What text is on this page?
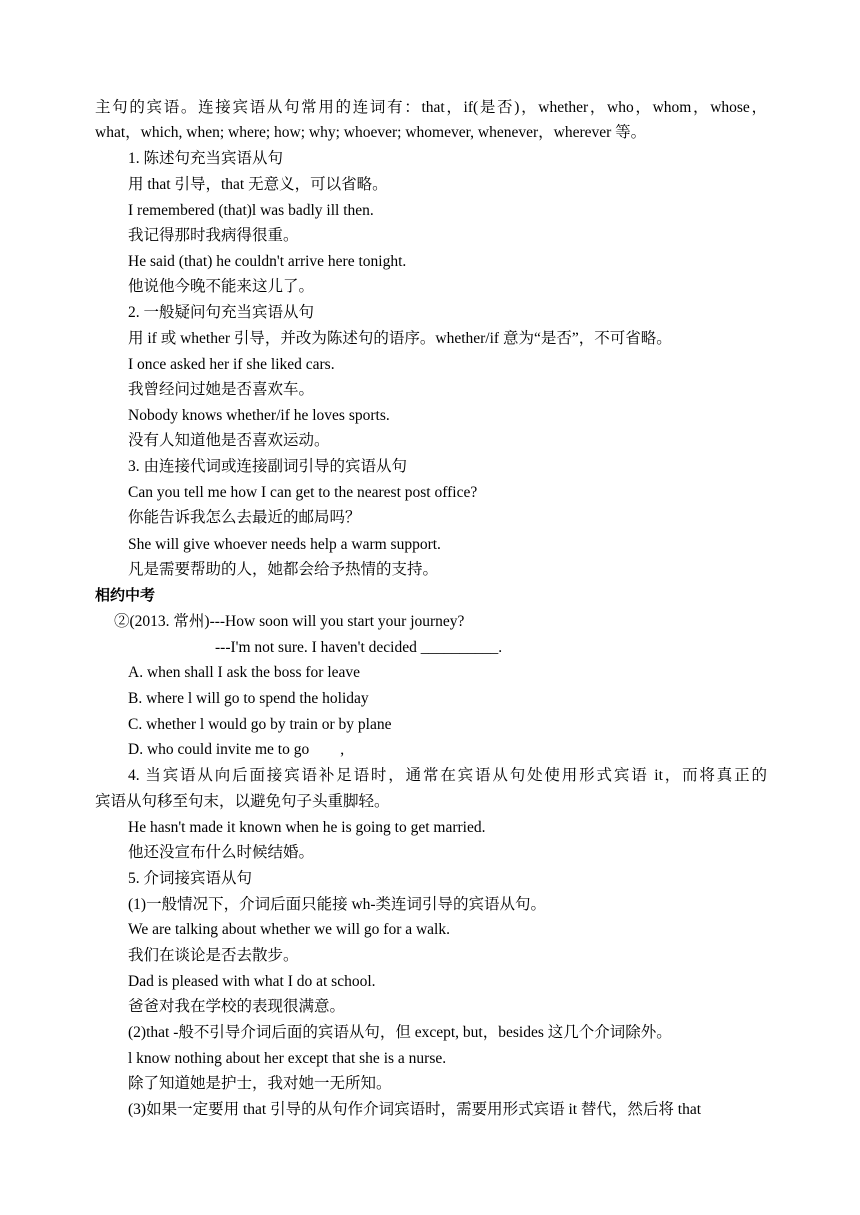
主句的宾语。连接宾语从句常用的连词有：that，if(是否)，whether，who，whom，whose，
what，which, when; where; how; why; whoever; whomever, whenever，wherever 等。
1. 陈述句充当宾语从句
用 that 引导，that 无意义，可以省略。
I remembered (that)l was badly ill then.
我记得那时我病得很重。
He said (that) he couldn't arrive here tonight.
他说他今晚不能来这儿了。
2. 一般疑问句充当宾语从句
用 if 或 whether 引导，并改为陈述句的语序。whether/if 意为“是否”，不可省略。
I once asked her if she liked cars.
我曾经问过她是否喜欢车。
Nobody knows whether/if he loves sports.
没有人知道他是否喜欢运动。
3. 由连接代词或连接副词引导的宾语从句
Can you tell me how I can get to the nearest post office?
你能告诉我怎么去最近的邮局吗？
She will give whoever needs help a warm support.
凡是需要帮助的人，她都会给予热情的支持。
相约中考
②(2013. 常州)---How soon will you start your journey?
---I'm not sure. I haven't decided __________.
A. when shall I ask the boss for leave
B. where l will go to spend the holiday
C. whether l would go by train or by plane
D. who could invite me to go　　,
4. 当宾语从向后面接宾语补足语时，通常在宾语从句处使用形式宾语 it，而将真正的
宾语从句移至句末，以避免句子头重脚轻。
He hasn't made it known when he is going to get married.
他还没宣布什么时候结婚。
5. 介词接宾语从句
(1)一般情况下，介词后面只能接 wh-类连词引导的宾语从句。
We are talking about whether we will go for a walk.
我们在谈论是否去散步。
Dad is pleased with what I do at school.
爸爸对我在学校的表现很满意。
(2)that -般不引导介词后面的宾语从句，但 except, but，besides 这几个介词除外。
l know nothing about her except that she is a nurse.
除了知道她是护士，我对她一无所知。
(3)如果一定要用 that 引导的从句作介词宾语时，需要用形式宾语 it 替代，然后将 that
